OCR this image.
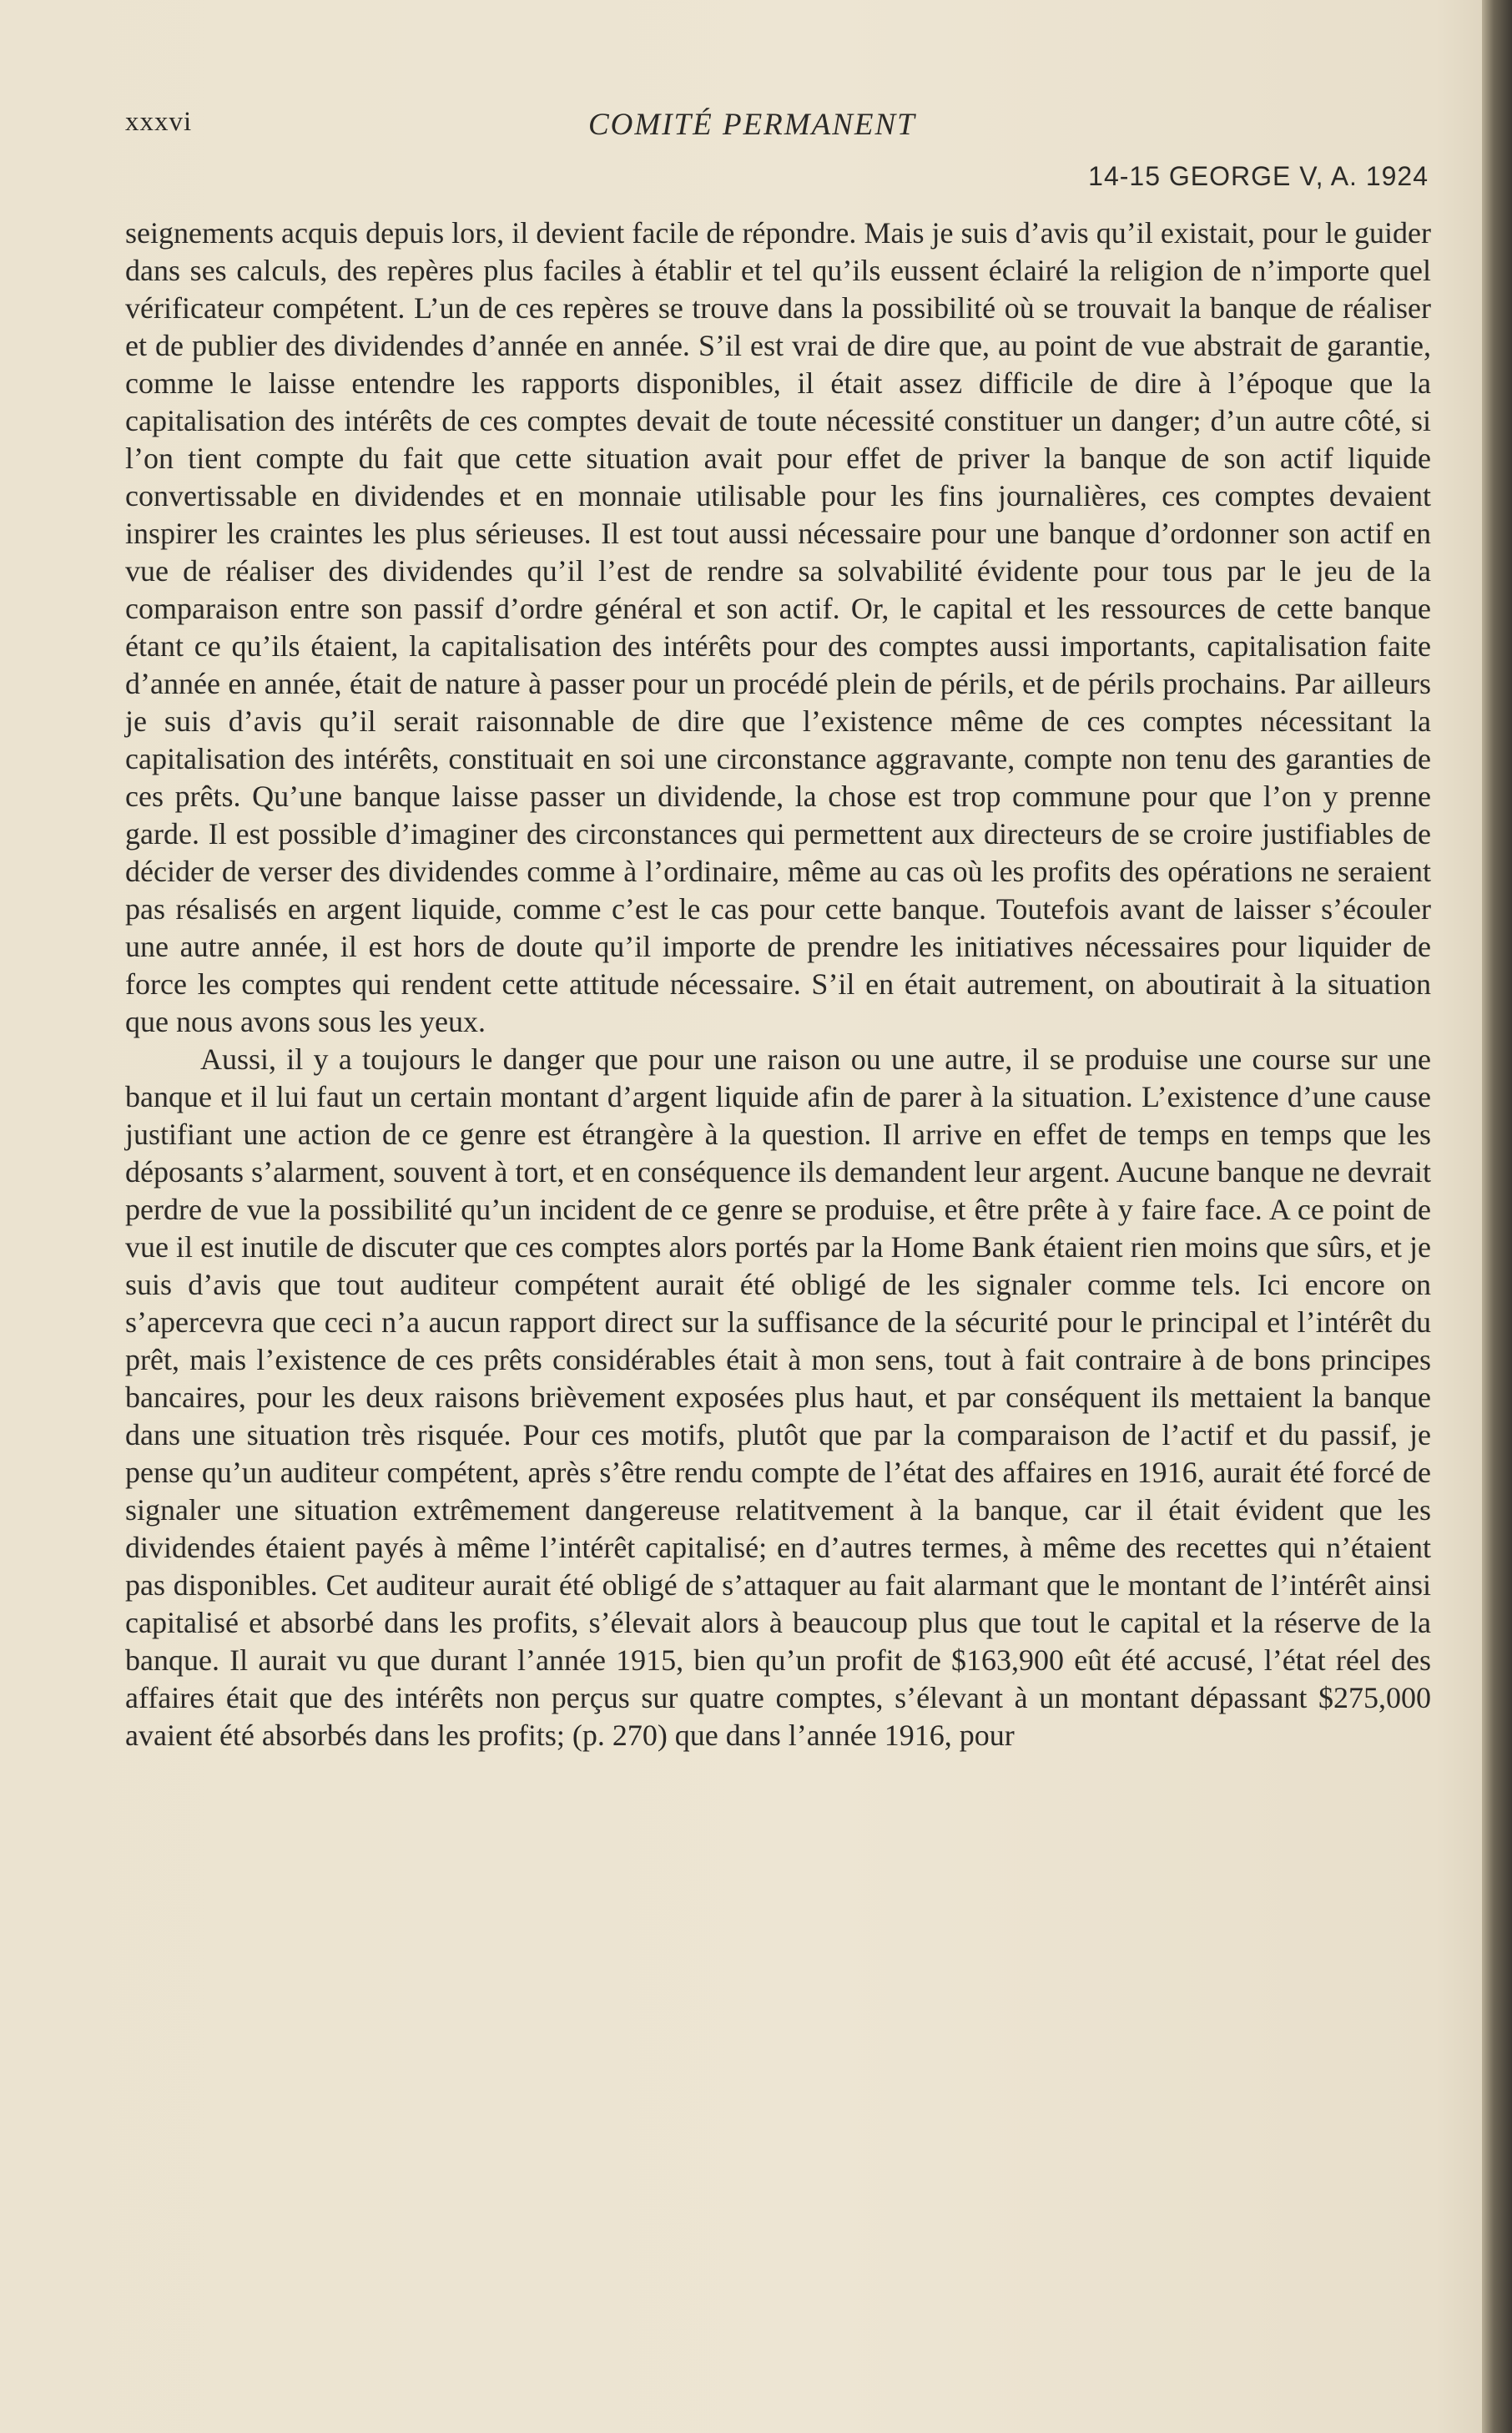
xxxvi	COMITÉ PERMANENT
14-15 GEORGE V, A. 1924

seignements acquis depuis lors, il devient facile de répondre. Mais je suis d’avis qu’il existait, pour le guider dans ses calculs, des repères plus faciles à établir et tel qu’ils eussent éclairé la religion de n’importe quel vérificateur compétent. L’un de ces repères se trouve dans la possibilité où se trouvait la banque de réaliser et de publier des dividendes d’année en année. S’il est vrai de dire que, au point de vue abstrait de garantie, comme le laisse entendre les rapports disponibles, il était assez difficile de dire à l’époque que la capitalisation des intérêts de ces comptes devait de toute nécessité constituer un danger; d’un autre côté, si l’on tient compte du fait que cette situation avait pour effet de priver la banque de son actif liquide convertissable en dividendes et en monnaie utilisable pour les fins journalières, ces comptes devaient inspirer les craintes les plus sérieuses. Il est tout aussi nécessaire pour une banque d’ordonner son actif en vue de réaliser des dividendes qu’il l’est de rendre sa solvabilité évidente pour tous par le jeu de la comparaison entre son passif d’ordre général et son actif. Or, le capital et les ressources de cette banque étant ce qu’ils étaient, la capitalisation des intérêts pour des comptes aussi importants, capitalisation faite d’année en année, était de nature à passer pour un procédé plein de périls, et de périls prochains. Par ailleurs je suis d’avis qu’il serait raisonnable de dire que l’existence même de ces comptes nécessitant la capitalisation des intérêts, constituait en soi une circonstance aggravante, compte non tenu des garanties de ces prêts. Qu’une banque laisse passer un dividende, la chose est trop commune pour que l’on y prenne garde. Il est possible d’imaginer des circonstances qui permettent aux directeurs de se croire justifiables de décider de verser des dividendes comme à l’ordinaire, même au cas où les profits des opérations ne seraient pas résalisés en argent liquide, comme c’est le cas pour cette banque. Toutefois avant de laisser s’écouler une autre année, il est hors de doute qu’il importe de prendre les initiatives nécessaires pour liquider de force les comptes qui rendent cette attitude nécessaire. S’il en était autrement, on aboutirait à la situation que nous avons sous les yeux.

Aussi, il y a toujours le danger que pour une raison ou une autre, il se produise une course sur une banque et il lui faut un certain montant d’argent liquide afin de parer à la situation. L’existence d’une cause justifiant une action de ce genre est étrangère à la question. Il arrive en effet de temps en temps que les déposants s’alarment, souvent à tort, et en conséquence ils demandent leur argent. Aucune banque ne devrait perdre de vue la possibilité qu’un incident de ce genre se produise, et être prête à y faire face. A ce point de vue il est inutile de discuter que ces comptes alors portés par la Home Bank étaient rien moins que sûrs, et je suis d’avis que tout auditeur compétent aurait été obligé de les signaler comme tels. Ici encore on s’apercevra que ceci n’a aucun rapport direct sur la suffisance de la sécurité pour le principal et l’intérêt du prêt, mais l’existence de ces prêts considérables était à mon sens, tout à fait contraire à de bons principes bancaires, pour les deux raisons brièvement exposées plus haut, et par conséquent ils mettaient la banque dans une situation très risquée. Pour ces motifs, plutôt que par la comparaison de l’actif et du passif, je pense qu’un auditeur compétent, après s’être rendu compte de l’état des affaires en 1916, aurait été forcé de signaler une situation extrêmement dangereuse relatitvement à la banque, car il était évident que les dividendes étaient payés à même l’intérêt capitalisé; en d’autres termes, à même des recettes qui n’étaient pas disponibles. Cet auditeur aurait été obligé de s’attaquer au fait alarmant que le montant de l’intérêt ainsi capitalisé et absorbé dans les profits, s’élevait alors à beaucoup plus que tout le capital et la réserve de la banque. Il aurait vu que durant l’année 1915, bien qu’un profit de $163,900 eût été accusé, l’état réel des affaires était que des intérêts non perçus sur quatre comptes, s’élevant à un montant dépassant $275,000 avaient été absorbés dans les profits; (p. 270) que dans l’année 1916, pour
